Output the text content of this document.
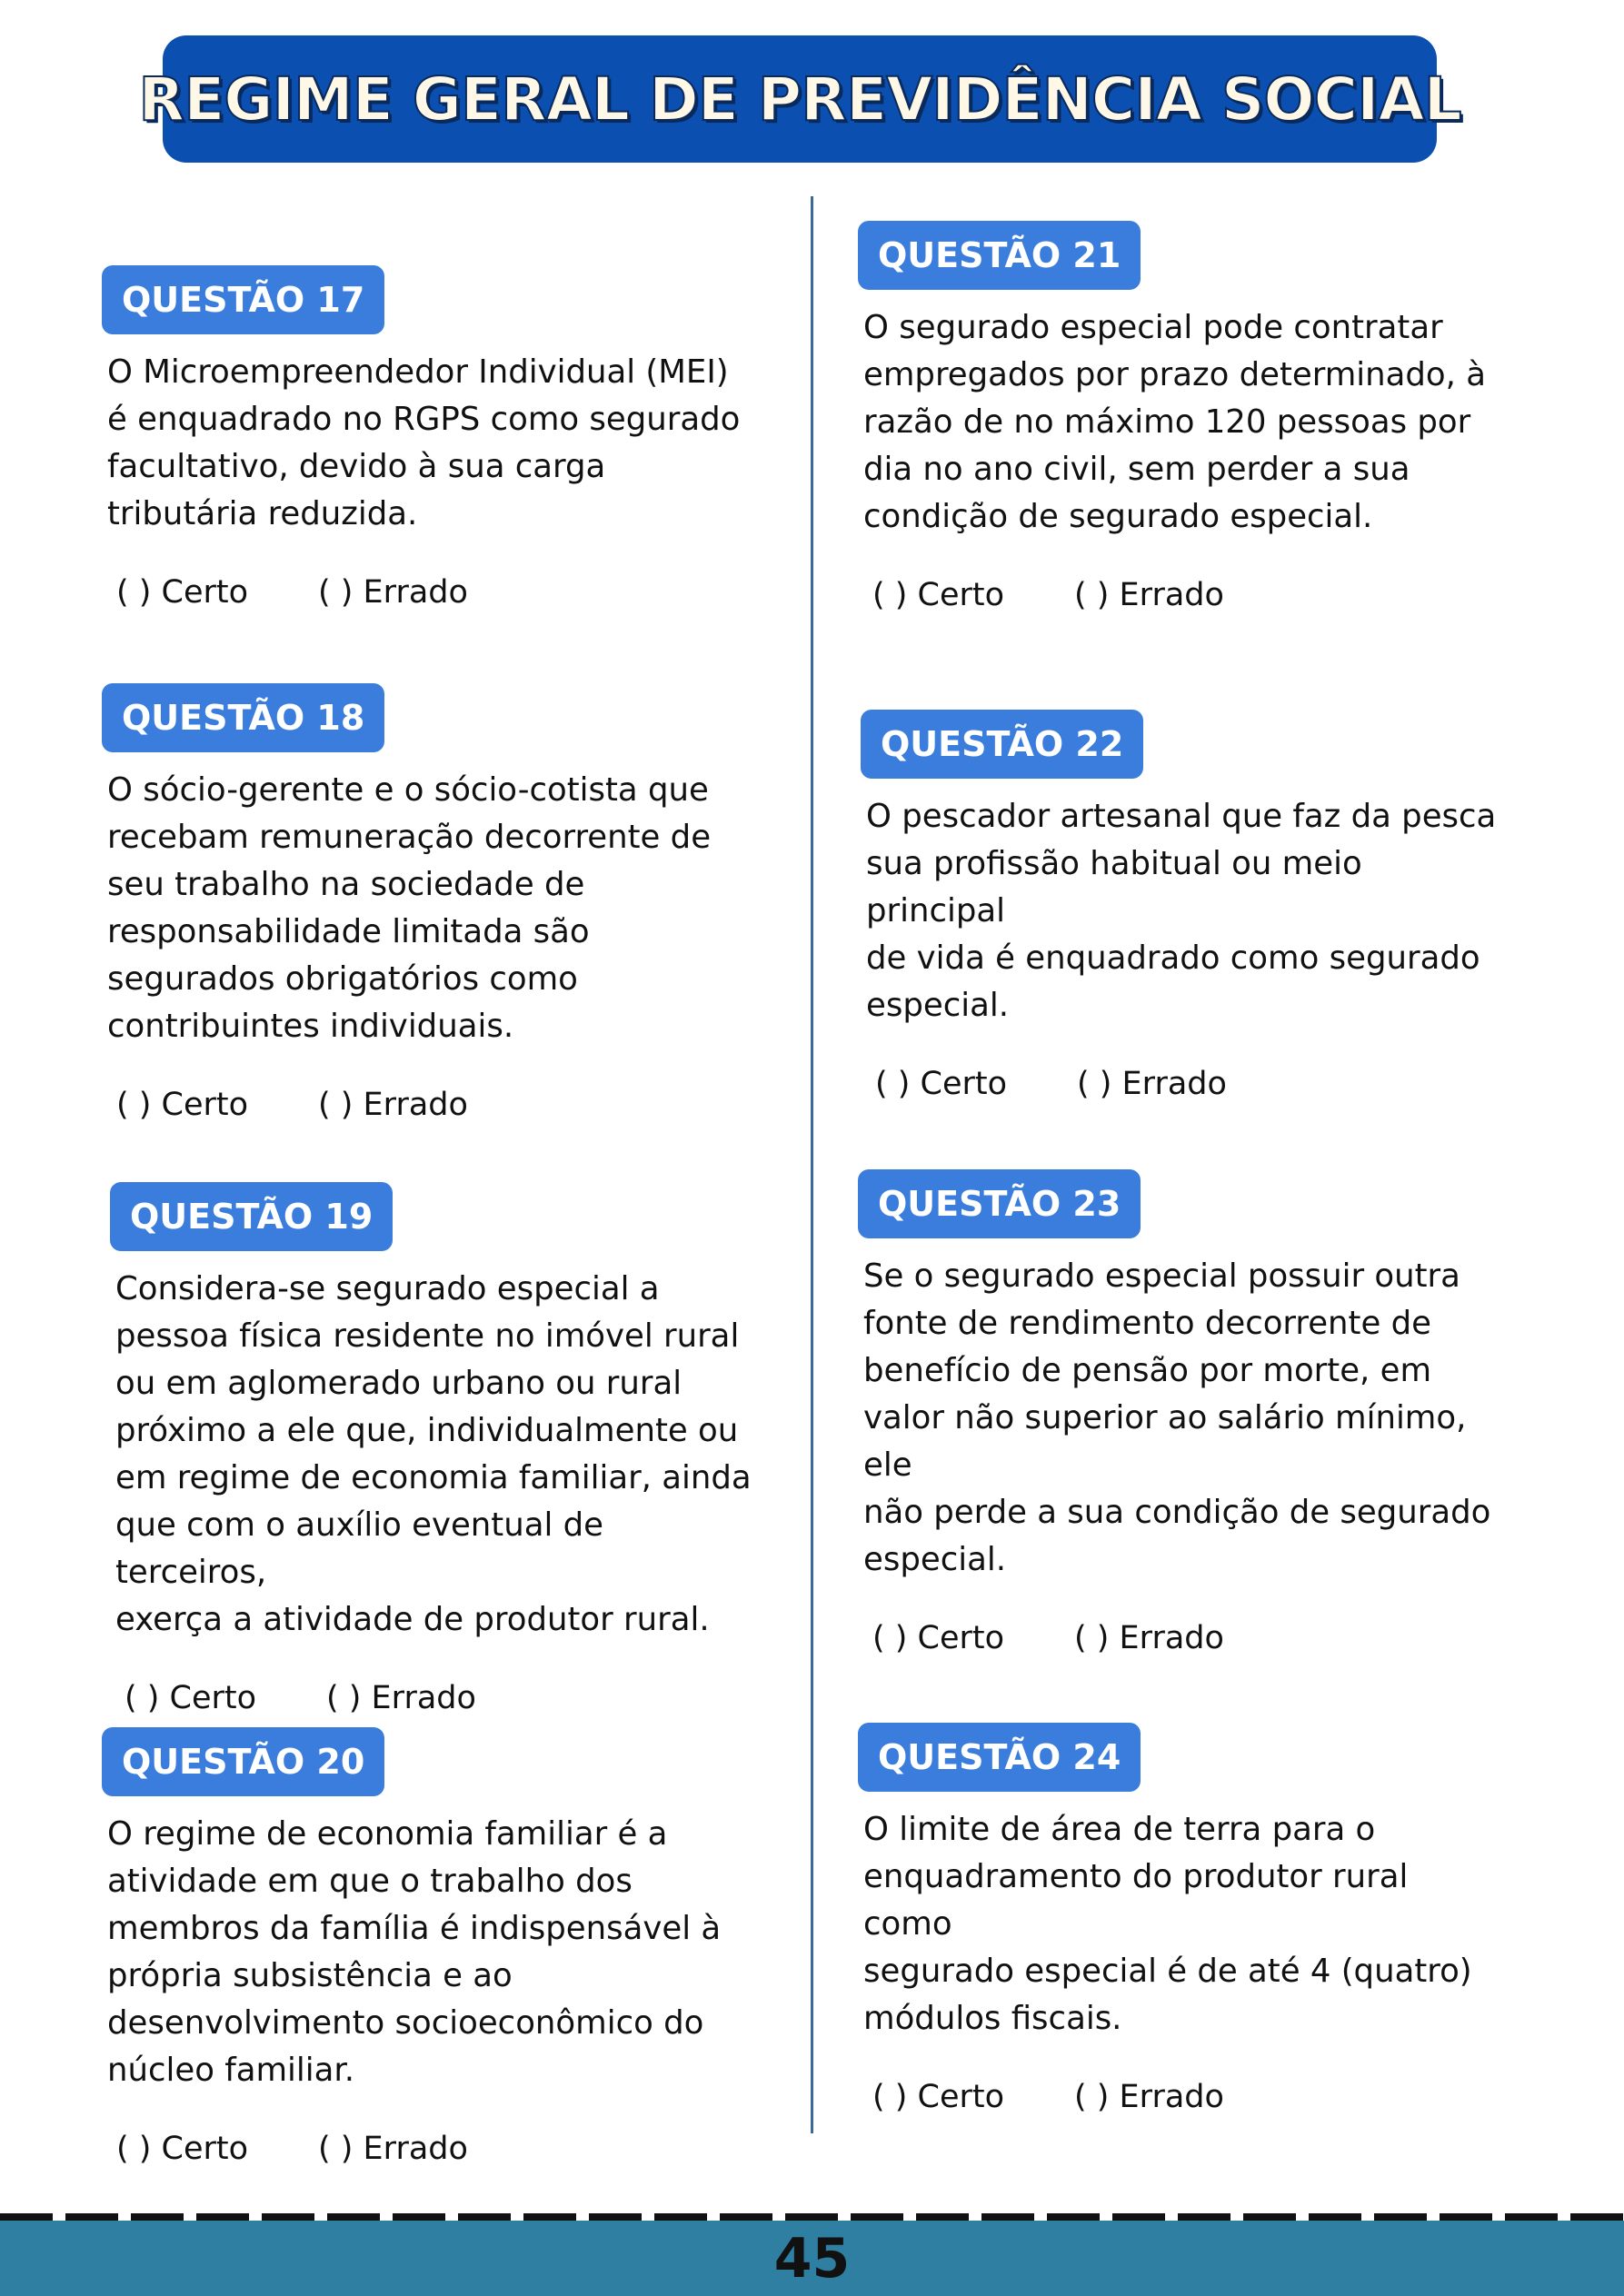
REGIME GERAL DE PREVIDÊNCIA SOCIAL
QUESTÃO 17
O Microempreendedor Individual (MEI)
é enquadrado no RGPS como segurado
facultativo, devido à sua carga
tributária reduzida.
( ) Certo	( ) Errado
QUESTÃO 18
O sócio-gerente e o sócio-cotista que
recebam remuneração decorrente de
seu trabalho na sociedade de
responsabilidade limitada são
segurados obrigatórios como
contribuintes individuais.
( ) Certo	( ) Errado
QUESTÃO 19
Considera-se segurado especial a
pessoa física residente no imóvel rural
ou em aglomerado urbano ou rural
próximo a ele que, individualmente ou
em regime de economia familiar, ainda
que com o auxílio eventual de terceiros,
exerça a atividade de produtor rural.
( ) Certo	( ) Errado
QUESTÃO 20
O regime de economia familiar é a
atividade em que o trabalho dos
membros da família é indispensável à
própria subsistência e ao
desenvolvimento socioeconômico do
núcleo familiar.
( ) Certo	( ) Errado
QUESTÃO 21
O segurado especial pode contratar
empregados por prazo determinado, à
razão de no máximo 120 pessoas por
dia no ano civil, sem perder a sua
condição de segurado especial.
( ) Certo	( ) Errado
QUESTÃO 22
O pescador artesanal que faz da pesca
sua profissão habitual ou meio principal
de vida é enquadrado como segurado
especial.
( ) Certo	( ) Errado
QUESTÃO 23
Se o segurado especial possuir outra
fonte de rendimento decorrente de
benefício de pensão por morte, em
valor não superior ao salário mínimo, ele
não perde a sua condição de segurado
especial.
( ) Certo	( ) Errado
QUESTÃO 24
O limite de área de terra para o
enquadramento do produtor rural como
segurado especial é de até 4 (quatro)
módulos fiscais.
( ) Certo	( ) Errado
45
